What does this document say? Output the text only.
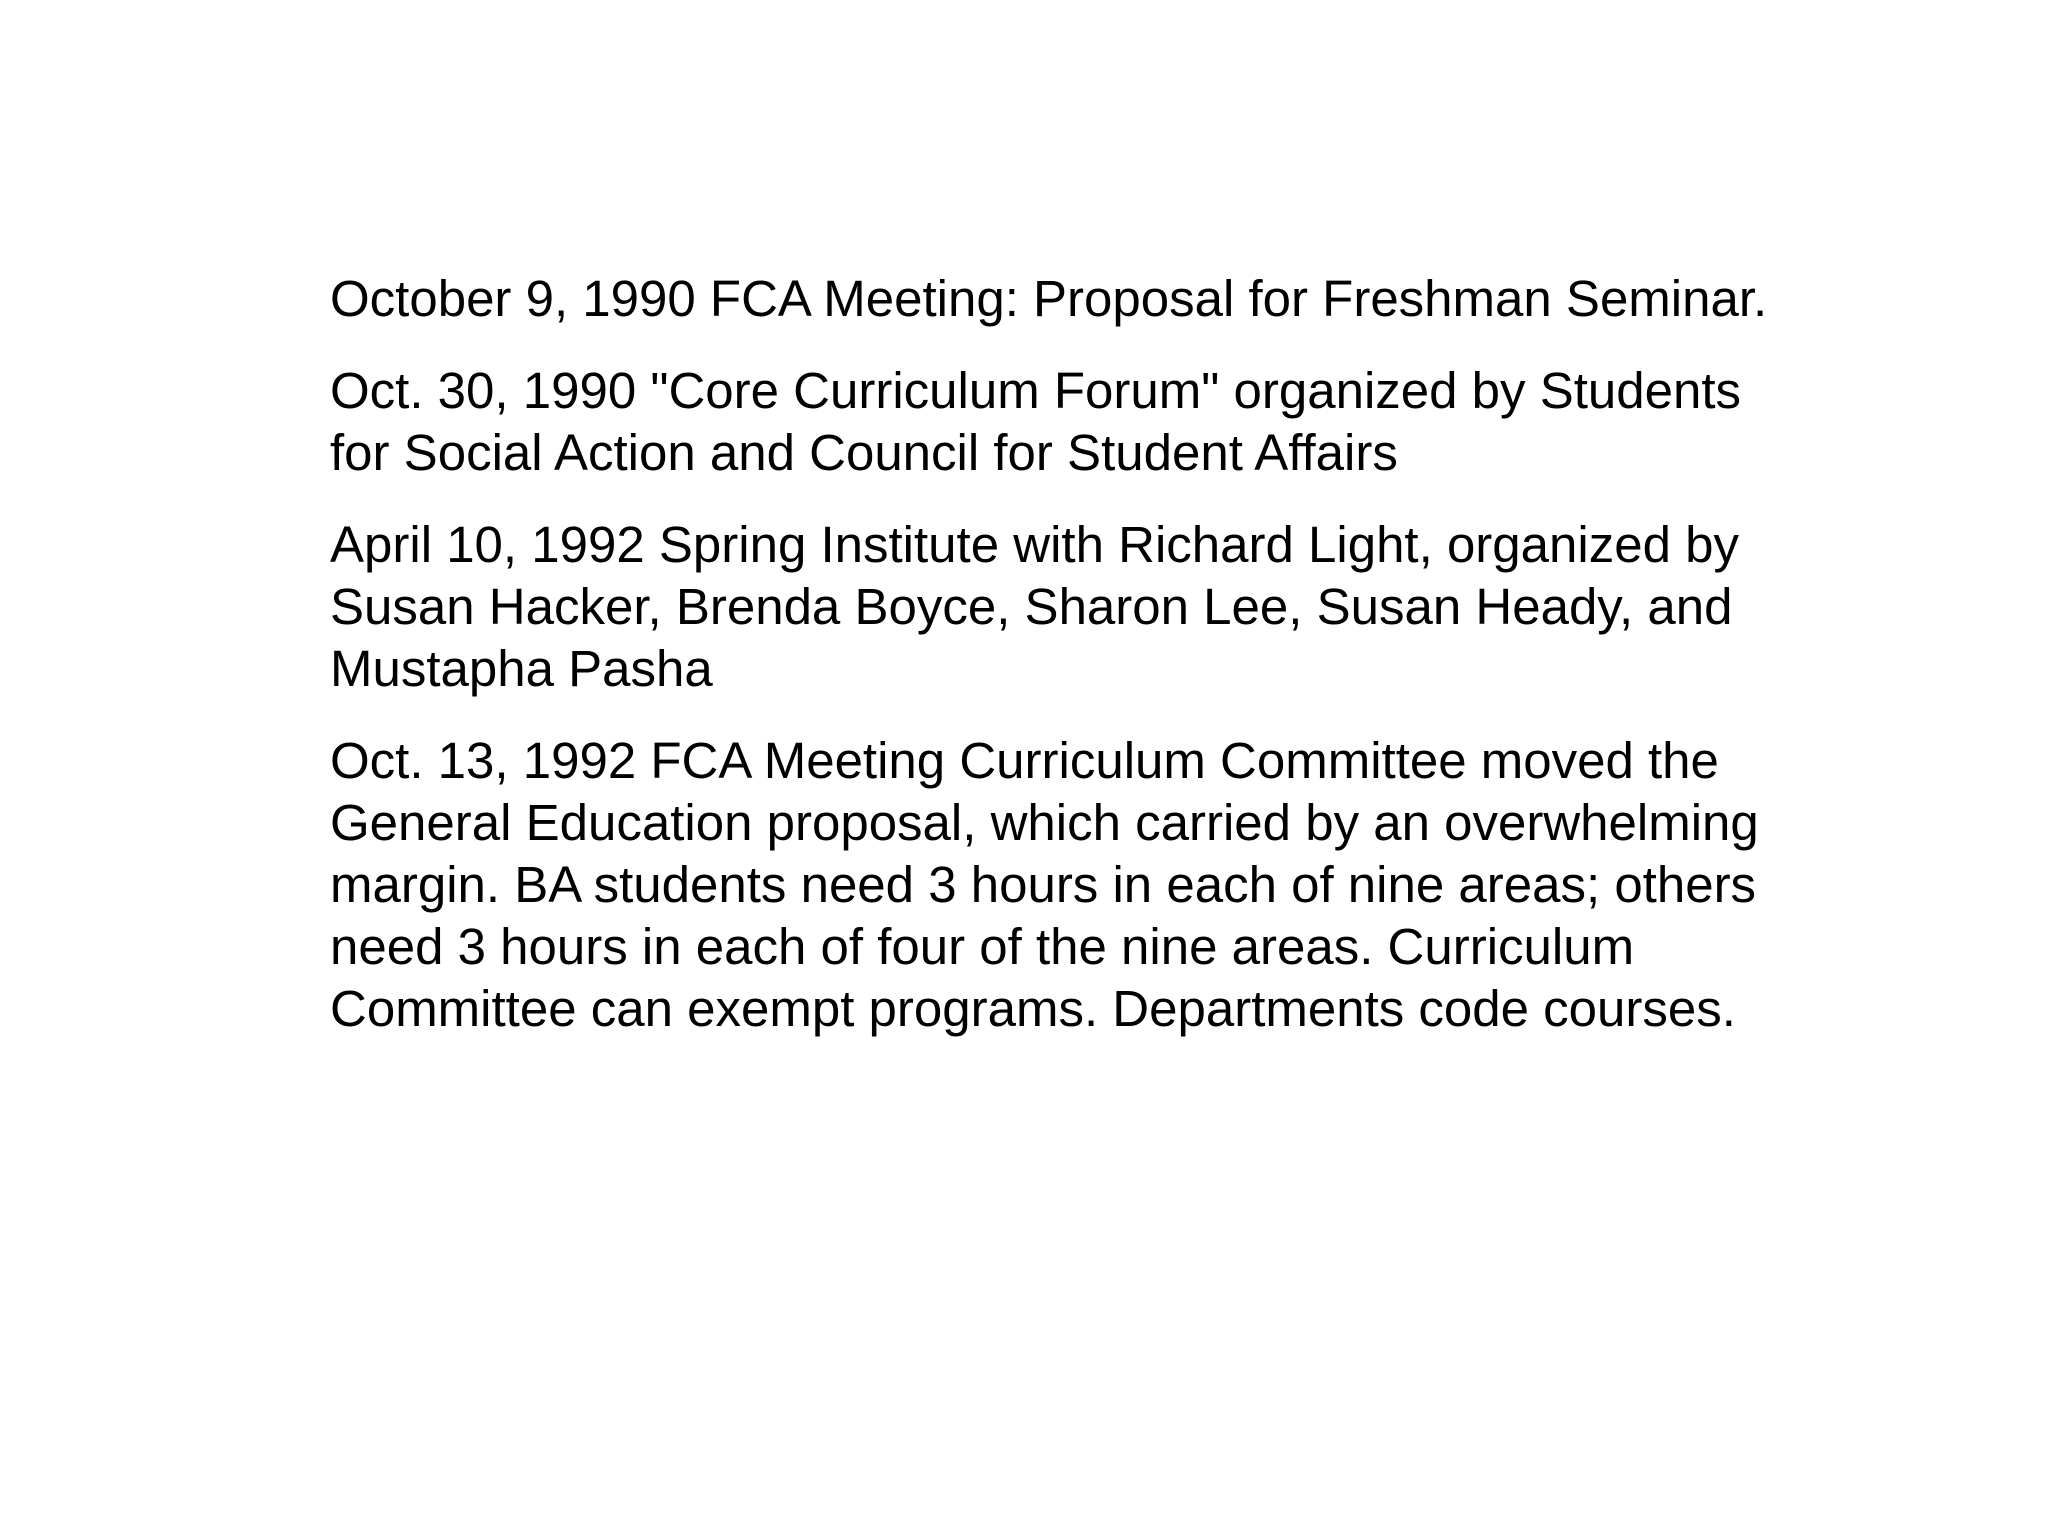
October 9, 1990 FCA Meeting: Proposal for Freshman Seminar.

Oct. 30, 1990 "Core Curriculum Forum" organized by Students for Social Action and Council for Student Affairs

April 10, 1992 Spring Institute with Richard Light, organized by Susan Hacker, Brenda Boyce, Sharon Lee, Susan Heady, and Mustapha Pasha

Oct. 13, 1992 FCA Meeting Curriculum Committee moved the General Education proposal, which carried by an overwhelming margin. BA students need 3 hours in each of nine areas; others need 3 hours in each of four of the nine areas. Curriculum Committee can exempt programs. Departments code courses.
